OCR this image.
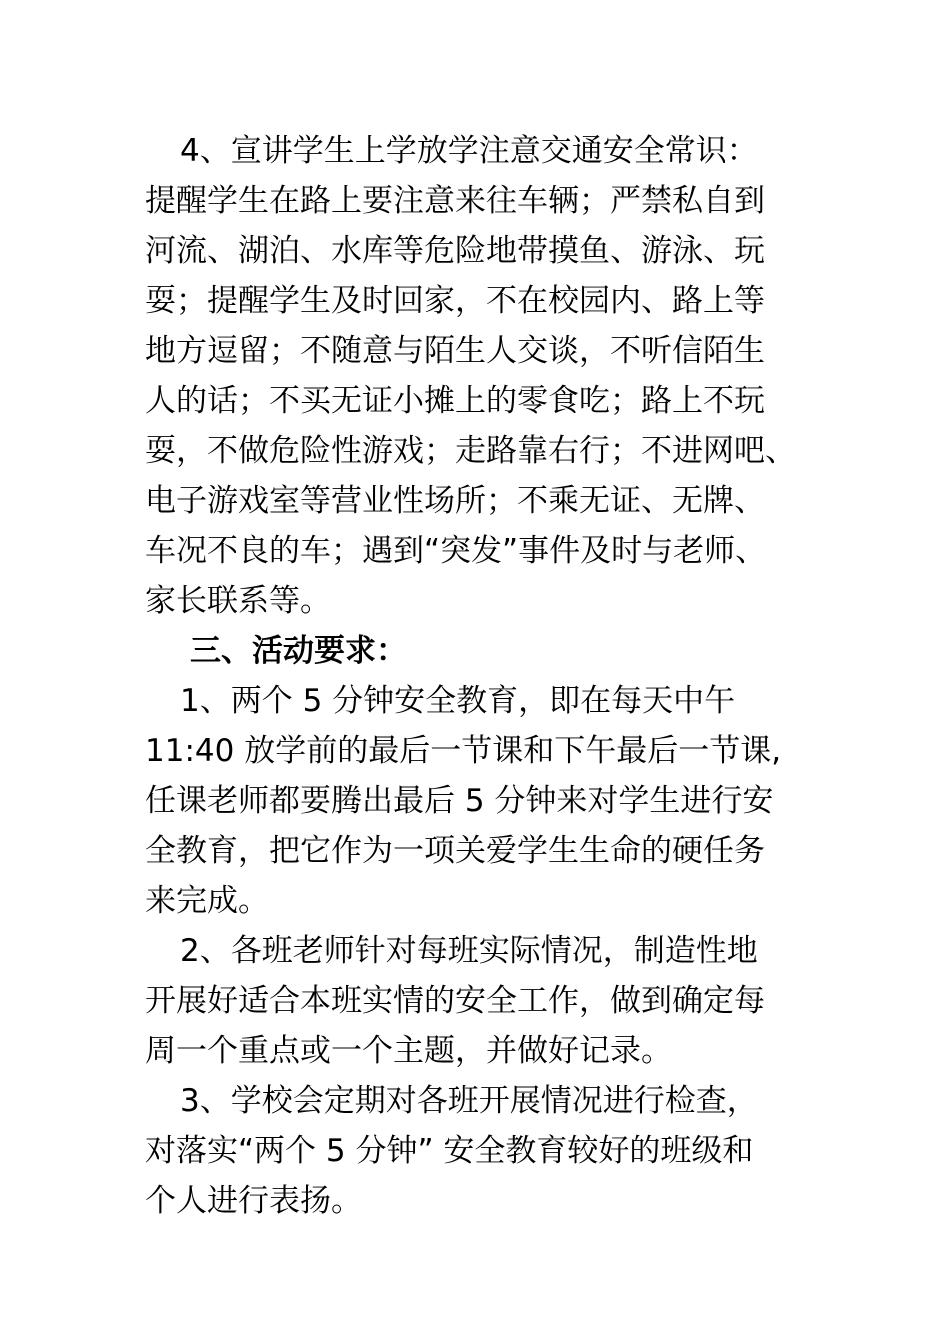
4、宣讲学生上学放学注意交通安全常识：
提醒学生在路上要注意来往车辆；严禁私自到
河流、湖泊、水库等危险地带摸鱼、游泳、玩
耍；提醒学生及时回家，不在校园内、路上等
地方逗留；不随意与陌生人交谈，不听信陌生
人的话；不买无证小摊上的零食吃；路上不玩
耍，不做危险性游戏；走路靠右行；不进网吧、
电子游戏室等营业性场所；不乘无证、无牌、
车况不良的车；遇到“突发”事件及时与老师、
家长联系等。
三、活动要求：
1、两个 5 分钟安全教育，即在每天中午
11:40 放学前的最后一节课和下午最后一节课,
任课老师都要腾出最后 5 分钟来对学生进行安
全教育，把它作为一项关爱学生生命的硬任务
来完成。
2、各班老师针对每班实际情况，制造性地
开展好适合本班实情的安全工作，做到确定每
周一个重点或一个主题，并做好记录。
3、学校会定期对各班开展情况进行检查，
对落实“两个 5 分钟” 安全教育较好的班级和
个人进行表扬。
